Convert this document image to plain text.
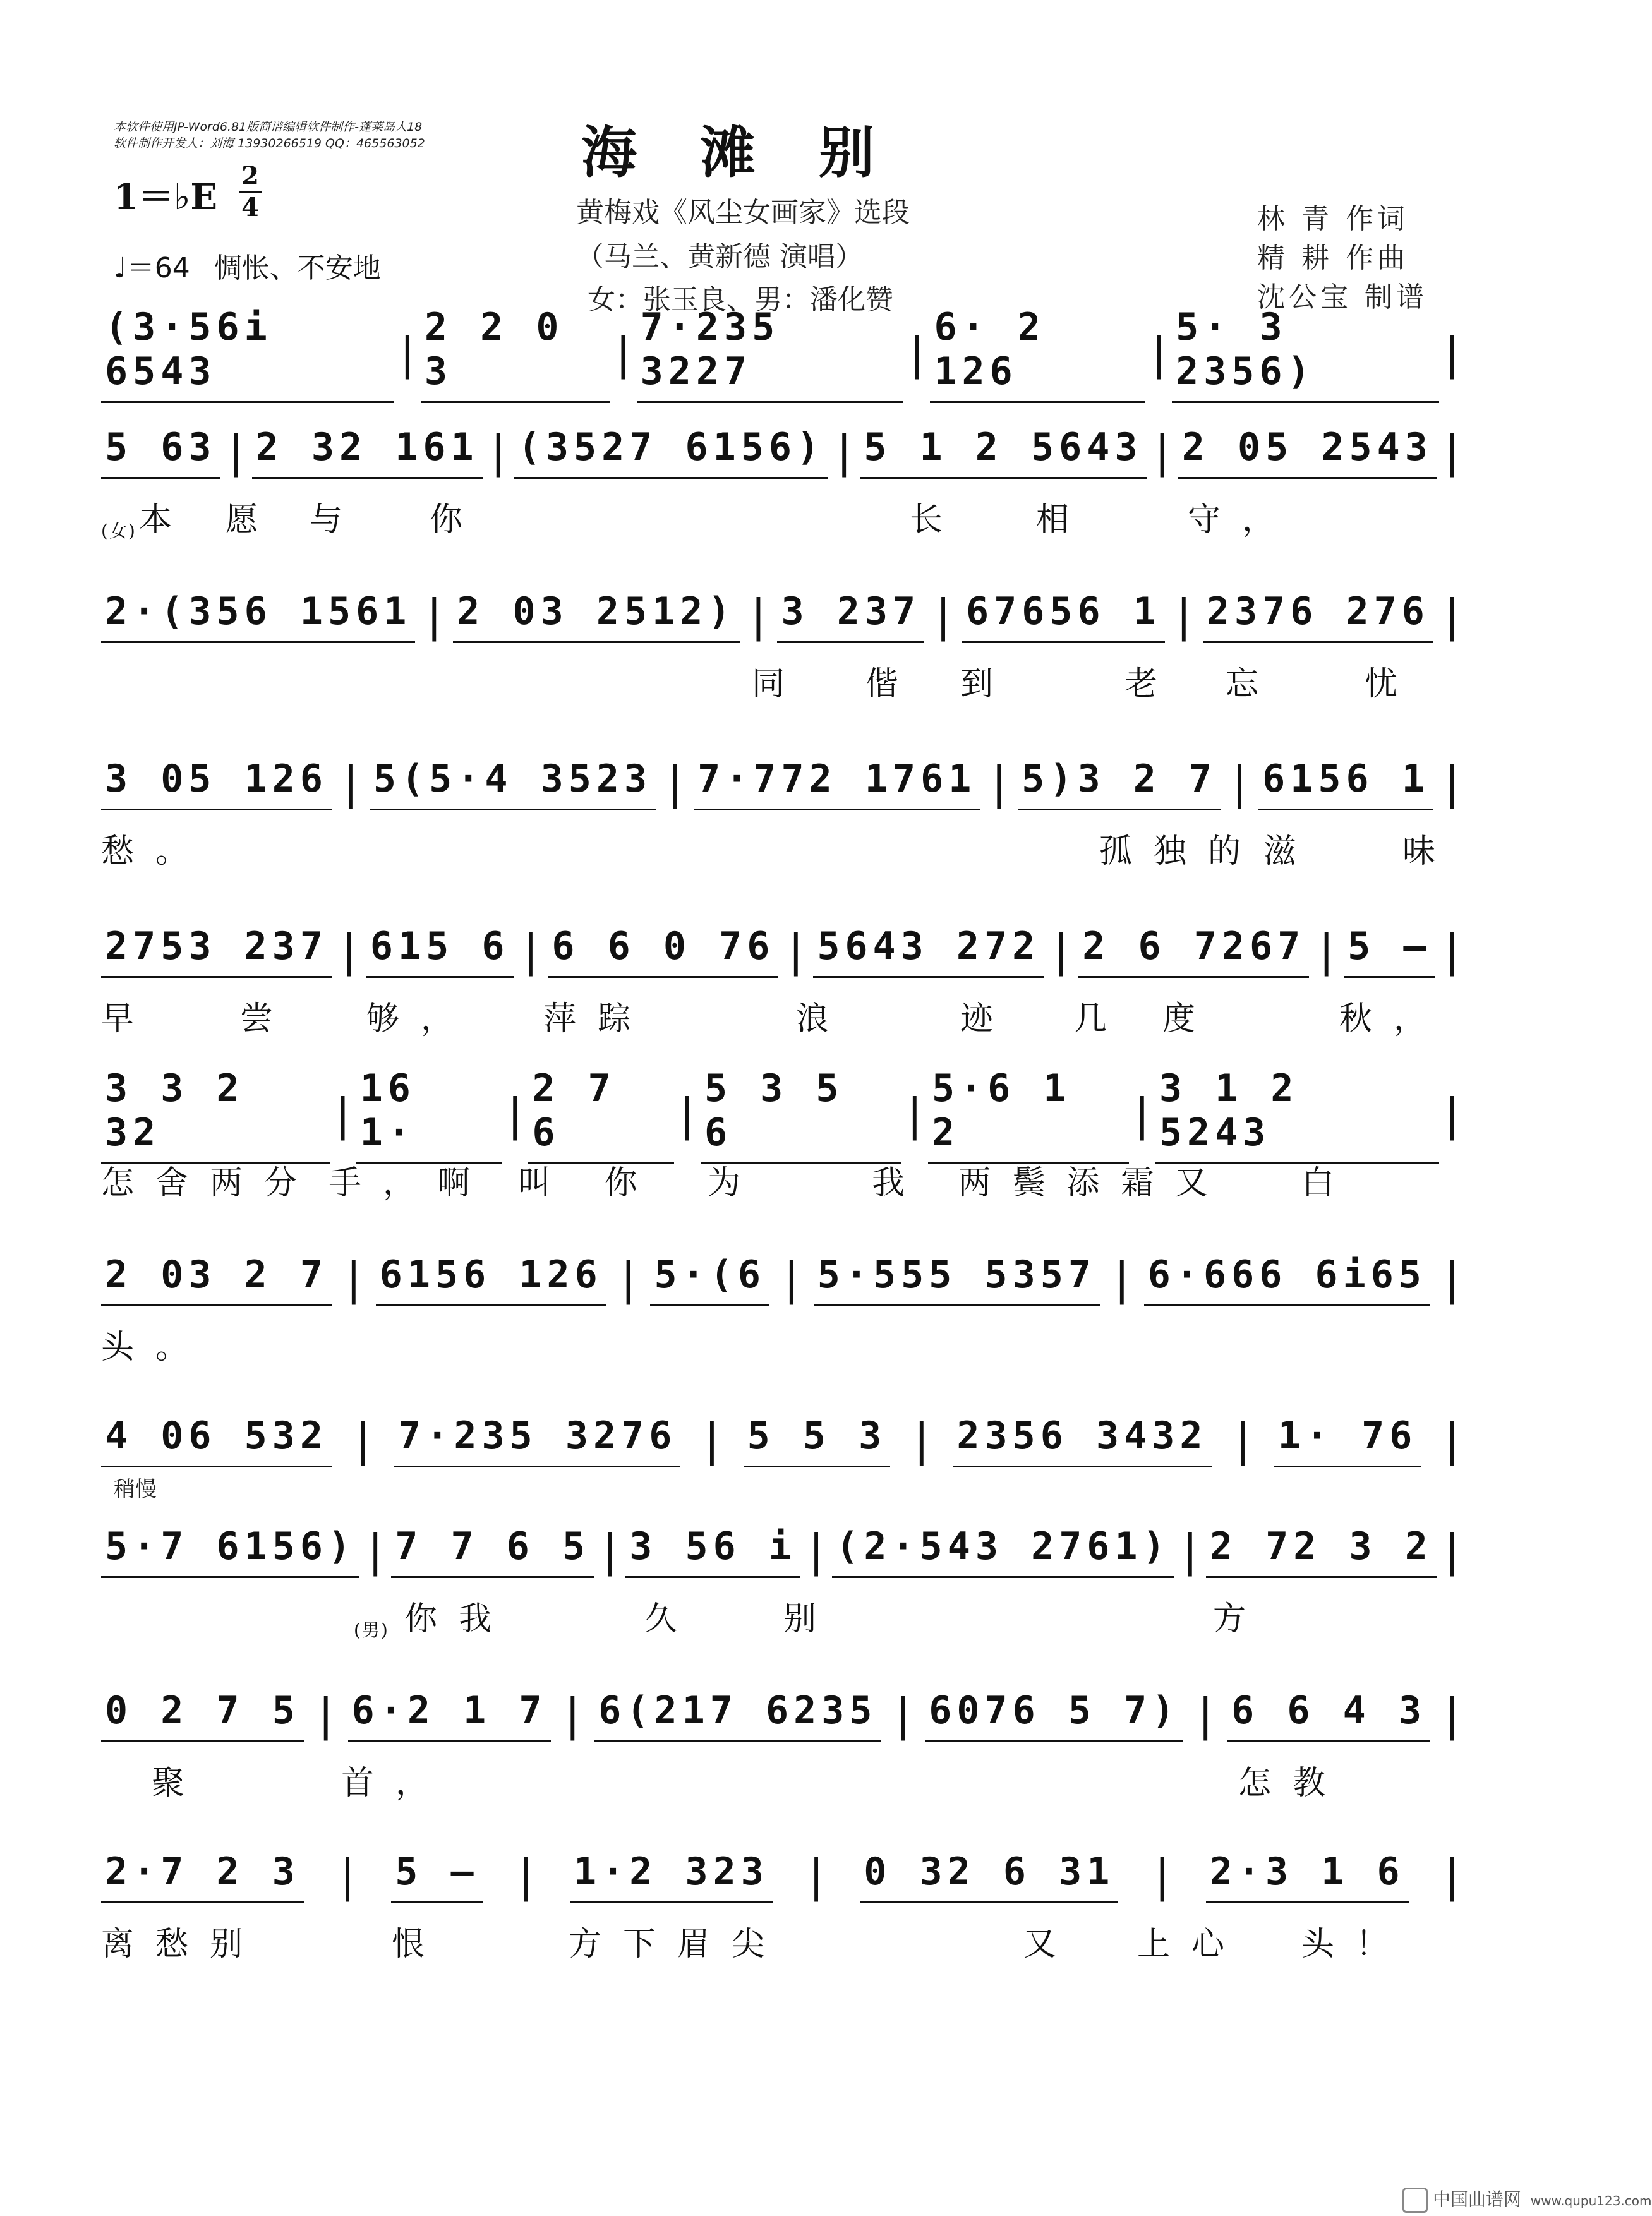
本软件使用JP-Word6.81版简谱编辑软件制作-蓬莱岛人18
软件制作开发人：刘海 13930266519 QQ：465563052	海滩别
1＝♭E
2
4
♩＝64 惆怅、不安地
黄梅戏《风尘女画家》选段
（马兰、黄新德 演唱）
女：张玉良、男：潘化赞
林 青 作词
精 耕 作曲
沈公宝 制谱
(3·56i 6543	|
2 2 0 3	|
7·235 3227	|
6· 2 126	|
5· 3 2356)	|
5 63 | 2 32 161 | (3527 6156) | 5 1 2 5643 | 2 05 2543 |
(女) 本 愿 与 你	长 相	守，
2·(356 1561 | 2 03 2512) | 3 237 | 67656 1 | 2376 276 |
同 偕 到	老 忘	忧
3 05 126 | 5(5·4 3523 | 7·772 1761 | 5)3 2 7 | 6156 1 |
愁。	孤独的 滋	味
2753 237 | 615 6 | 6 6 0 76 | 5643 272 | 2 6 7267 | 5 – |
早	尝 够， 萍踪	浪	迹 几 度	秋，
3 3 2 32	|
16 1·	|
2 7 6	|
5 3 5 6	|
5·6 1 2	|
3 1 2 5243	|
怎舍两分 手，啊 叫 你 为	我 两鬓添霜 又 白
2 03 2 7 | 6156 126 | 5·(6 | 5·555 5357 | 6·666 6i65 |
头。
4 06 532 | 7·235 3276 | 5 5 3 | 2356 3432 | 1· 76 |
5·7 6156) | 7 7 6 5 | 3 56 i | (2·543 2761) | 2 72 3 2 |
(男) 你我	久	别	方
0 2 7 5 | 6·2 1 7 | 6(217 6235 | 6076 5 7) | 6 6 4 3 |
聚	首，	怎教
2·7 2 3 | 5 – | 1·2 323 | 0 32 6 31 | 2·3 1 6 |
离愁别	恨	方下眉尖	又 上心 头！
稍慢
中国曲谱网 www.qupu123.com
